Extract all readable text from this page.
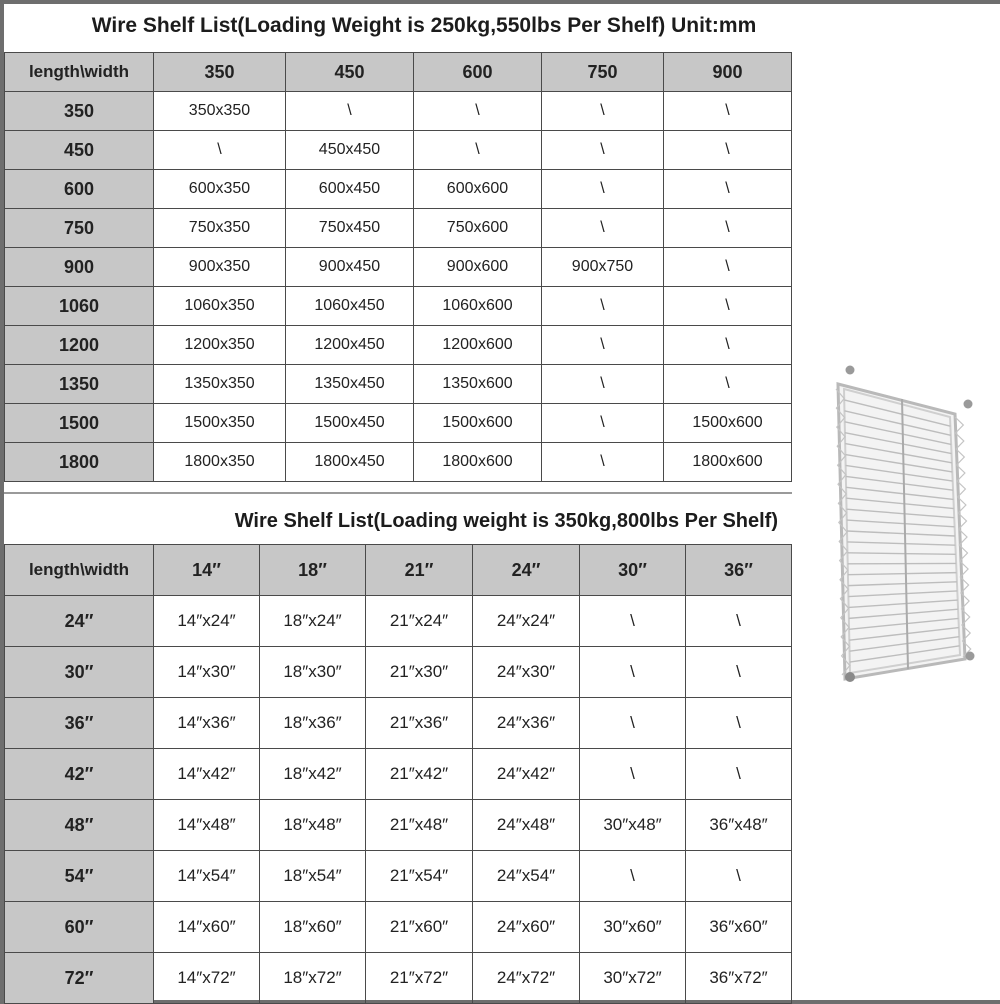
Wire Shelf List(Loading Weight is 250kg,550lbs Per Shelf) Unit:mm
length\width	350	450	600	750	900
350	350x350	\	\	\	\
450	\	450x450	\	\	\
600	600x350	600x450	600x600	\	\
750	750x350	750x450	750x600	\	\
900	900x350	900x450	900x600	900x750	\
1060	1060x350	1060x450	1060x600	\	\
1200	1200x350	1200x450	1200x600	\	\
1350	1350x350	1350x450	1350x600	\	\
1500	1500x350	1500x450	1500x600	\	1500x600
1800	1800x350	1800x450	1800x600	\	1800x600
Wire Shelf List(Loading weight is 350kg,800lbs Per Shelf)
length\width	14″	18″	21″	24″	30″	36″
24″	14″x24″	18″x24″	21″x24″	24″x24″	\	\
30″	14″x30″	18″x30″	21″x30″	24″x30″	\	\
36″	14″x36″	18″x36″	21″x36″	24″x36″	\	\
42″	14″x42″	18″x42″	21″x42″	24″x42″	\	\
48″	14″x48″	18″x48″	21″x48″	24″x48″	30″x48″	36″x48″
54″	14″x54″	18″x54″	21″x54″	24″x54″	\	\
60″	14″x60″	18″x60″	21″x60″	24″x60″	30″x60″	36″x60″
72″	14″x72″	18″x72″	21″x72″	24″x72″	30″x72″	36″x72″
